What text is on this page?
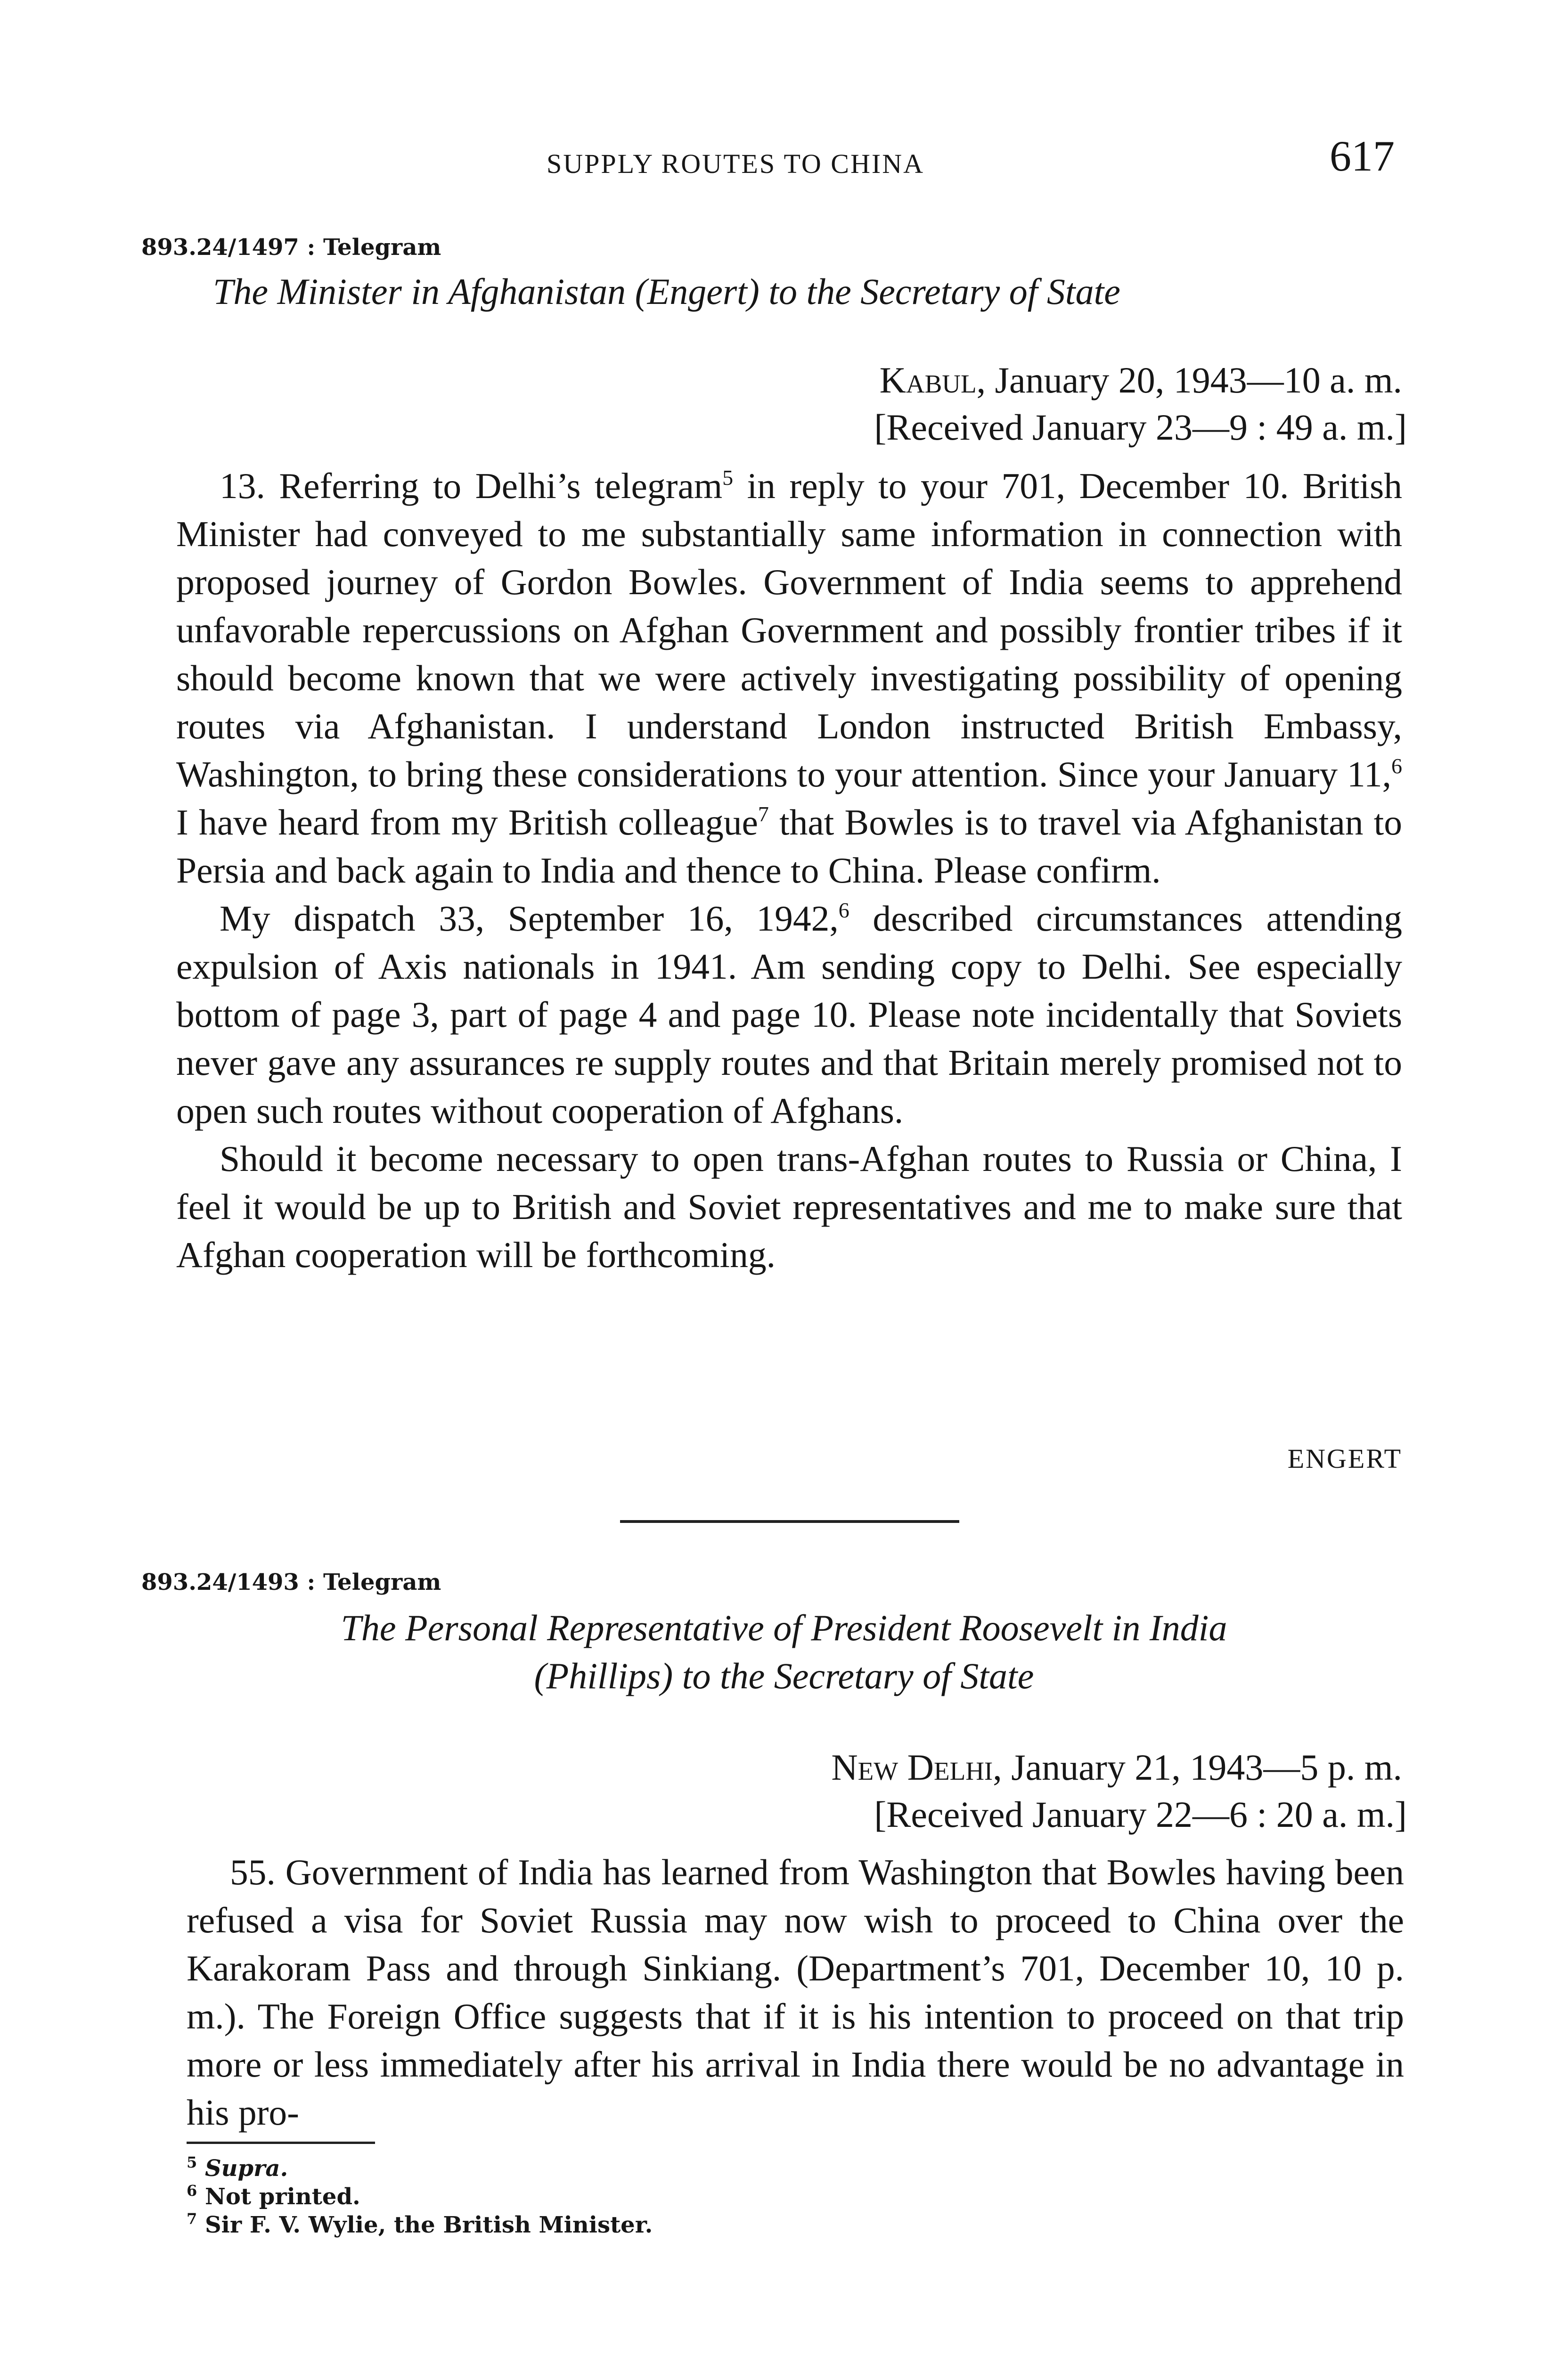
SUPPLY ROUTES TO CHINA	617
893.24/1497 : Telegram
The Minister in Afghanistan (Engert) to the Secretary of State
Kabul, January 20, 1943—10 a. m.
[Received January 23—9 : 49 a. m.]

13. Referring to Delhi’s telegram$^5$ in reply to your 701, December 10. British Minister had conveyed to me substantially same information in connection with proposed journey of Gordon Bowles. Government of India seems to apprehend unfavorable repercussions on Afghan Government and possibly frontier tribes if it should become known that we were actively investigating possibility of opening routes via Afghanistan. I understand London instructed British Embassy, Washington, to bring these considerations to your attention. Since your January 11,$^6$ I have heard from my British colleague$^7$ that Bowles is to travel via Afghanistan to Persia and back again to India and thence to China. Please confirm.

My dispatch 33, September 16, 1942,$^6$ described circumstances attending expulsion of Axis nationals in 1941. Am sending copy to Delhi. See especially bottom of page 3, part of page 4 and page 10. Please note incidentally that Soviets never gave any assurances re supply routes and that Britain merely promised not to open such routes without cooperation of Afghans.

Should it become necessary to open trans-Afghan routes to Russia or China, I feel it would be up to British and Soviet representatives and me to make sure that Afghan cooperation will be forthcoming.

ENGERT
893.24/1493 : Telegram
The Personal Representative of President Roosevelt in India
(Phillips) to the Secretary of State
New Delhi, January 21, 1943—5 p. m.
[Received January 22—6 : 20 a. m.]

55. Government of India has learned from Washington that Bowles having been refused a visa for Soviet Russia may now wish to proceed to China over the Karakoram Pass and through Sinkiang. (Department’s 701, December 10, 10 p. m.). The Foreign Office suggests that if it is his intention to proceed on that trip more or less immediately after his arrival in India there would be no advantage in his pro-

$^5$ Supra.
$^6$ Not printed.
$^7$ Sir F. V. Wylie, the British Minister.
